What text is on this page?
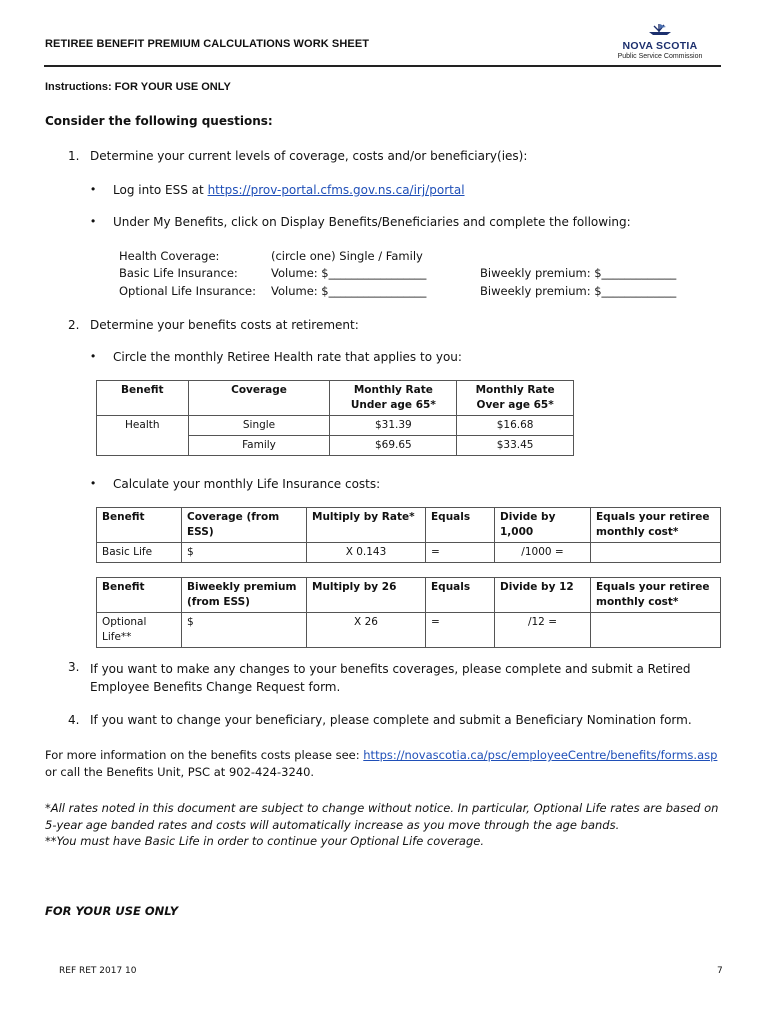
RETIREE BENEFIT PREMIUM CALCULATIONS WORK SHEET	NOVA SCOTIA
Public Service Commission
Instructions: FOR YOUR USE ONLY
Consider the following questions:
1. Determine your current levels of coverage, costs and/or beneficiary(ies):
• Log into ESS at https://prov-portal.cfms.gov.ns.ca/irj/portal
• Under My Benefits, click on Display Benefits/Beneficiaries and complete the following:
Health Coverage:	(circle one) Single / Family
Basic Life Insurance:	Volume: $_________________	Biweekly premium: $_____________
Optional Life Insurance: Volume: $_________________	Biweekly premium: $_____________
2. Determine your benefits costs at retirement:
• Circle the monthly Retiree Health rate that applies to you:
Benefit	Coverage	Monthly Rate Under age 65*	Monthly Rate Over age 65*
Health	Single	$31.39	$16.68
	Family	$69.65	$33.45
• Calculate your monthly Life Insurance costs:
Benefit	Coverage (from ESS)	Multiply by Rate*	Equals	Divide by 1,000	Equals your retiree monthly cost*
Basic Life	$	X 0.143	=	/1000 =	
Benefit	Biweekly premium (from ESS)	Multiply by 26	Equals	Divide by 12	Equals your retiree monthly cost*
Optional Life**	$	X 26	=	/12 =	
3. If you want to make any changes to your benefits coverages, please complete and submit a Retired Employee Benefits Change Request form.
4. If you want to change your beneficiary, please complete and submit a Beneficiary Nomination form.
For more information on the benefits costs please see: https://novascotia.ca/psc/employeeCentre/benefits/forms.asp
or call the Benefits Unit, PSC at 902-424-3240.
*All rates noted in this document are subject to change without notice. In particular, Optional Life rates are based on 5-year age banded rates and costs will automatically increase as you move through the age bands.
**You must have Basic Life in order to continue your Optional Life coverage.
FOR YOUR USE ONLY
REF RET 2017 10	7
